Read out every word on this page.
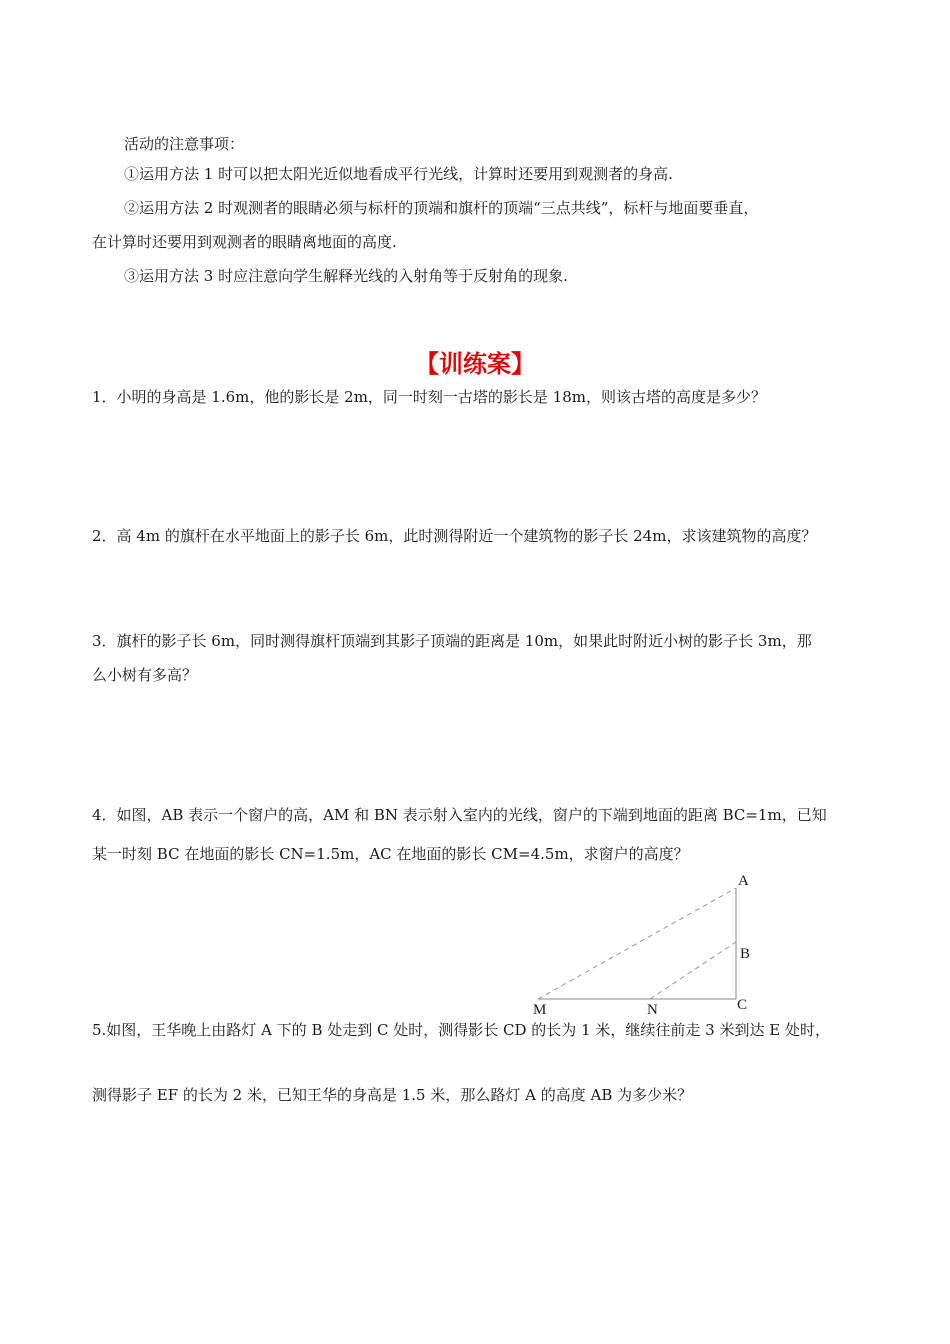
活动的注意事项：
①运用方法 1 时可以把太阳光近似地看成平行光线，计算时还要用到观测者的身高.
②运用方法 2 时观测者的眼睛必须与标杆的顶端和旗杆的顶端“三点共线”，标杆与地面要垂直，
在计算时还要用到观测者的眼睛离地面的高度.
③运用方法 3 时应注意向学生解释光线的入射角等于反射角的现象.
【训练案】
1．小明的身高是 1.6m，他的影长是 2m，同一时刻一古塔的影长是 18m，则该古塔的高度是多少？
2．高 4m 的旗杆在水平地面上的影子长 6m，此时测得附近一个建筑物的影子长 24m，求该建筑物的高度？
3．旗杆的影子长 6m，同时测得旗杆顶端到其影子顶端的距离是 10m，如果此时附近小树的影子长 3m，那
么小树有多高？
4．如图，AB 表示一个窗户的高，AM 和 BN 表示射入室内的光线，窗户的下端到地面的距离 BC=1m，已知
某一时刻 BC 在地面的影长 CN=1.5m，AC 在地面的影长 CM=4.5m，求窗户的高度？
A
B
C
M	N
5.如图，王华晚上由路灯 A 下的 B 处走到 C 处时，测得影长 CD 的长为 1 米，继续往前走 3 米到达 E 处时，
测得影子 EF 的长为 2 米，已知王华的身高是 1.5 米，那么路灯 A 的高度 AB 为多少米？
